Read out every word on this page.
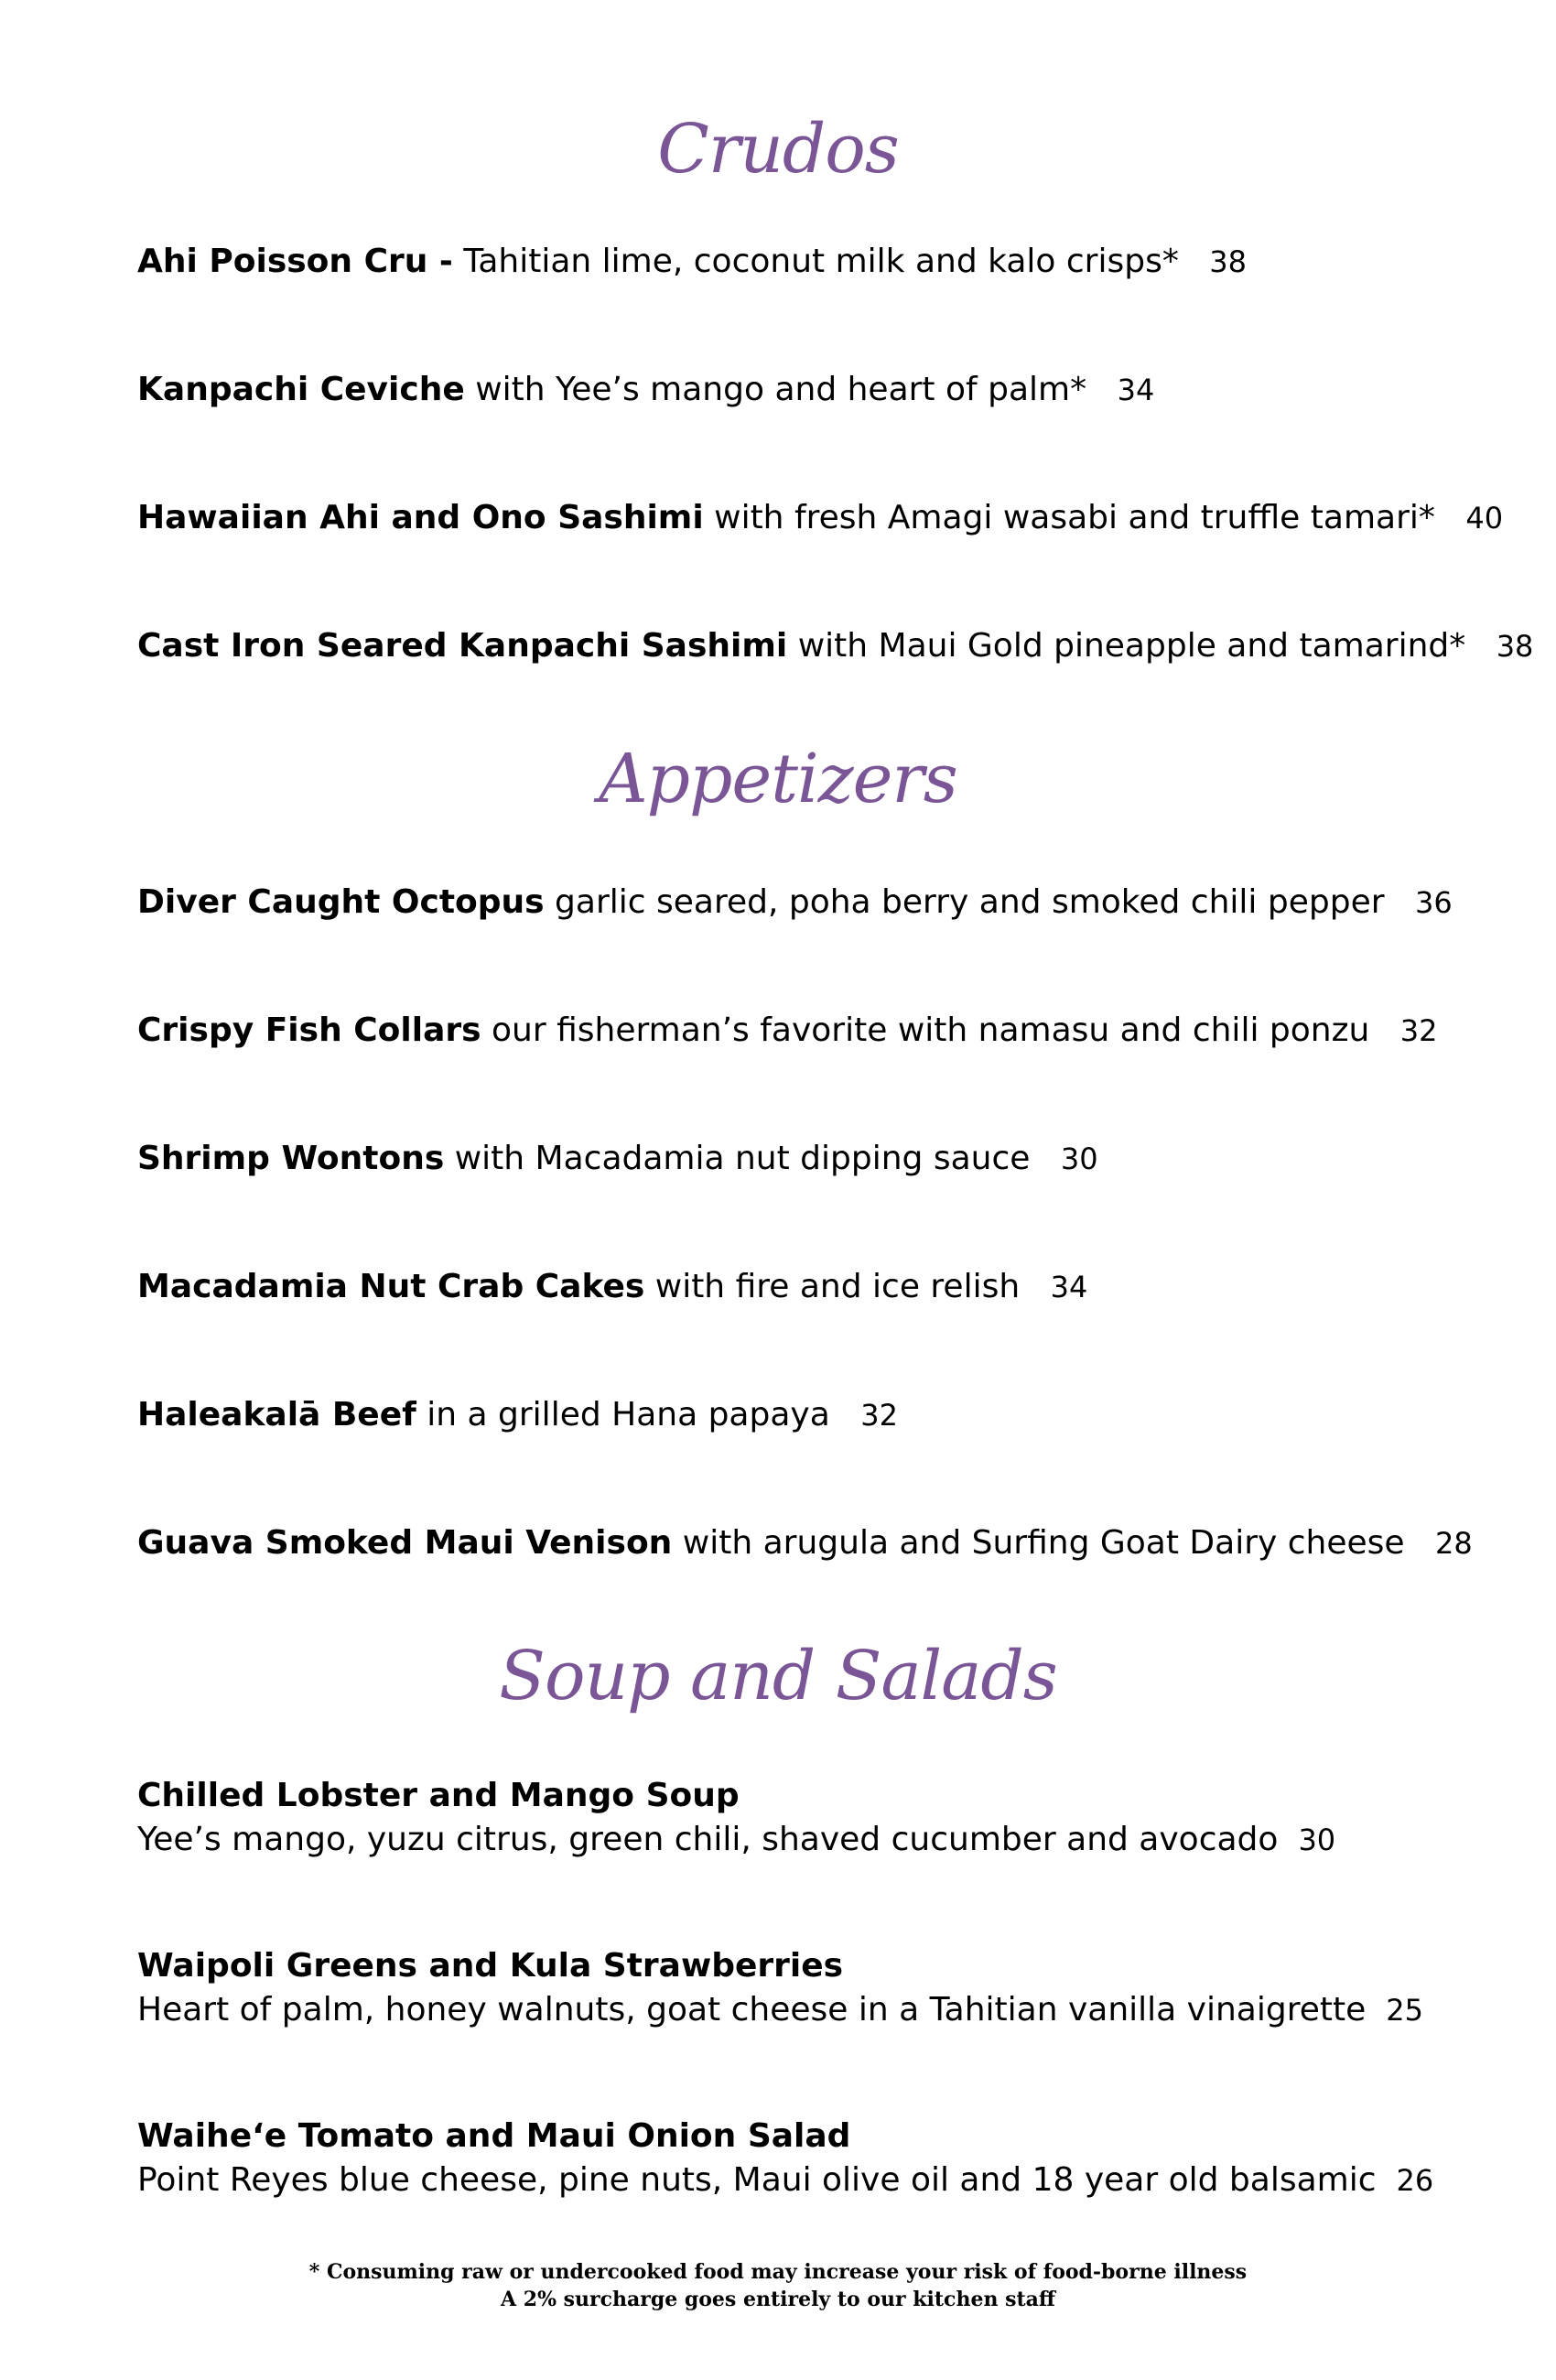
Crudos
Ahi Poisson Cru - Tahitian lime, coconut milk and kalo crisps* 38
Kanpachi Ceviche with Yee’s mango and heart of palm* 34
Hawaiian Ahi and Ono Sashimi with fresh Amagi wasabi and truffle tamari* 40
Cast Iron Seared Kanpachi Sashimi with Maui Gold pineapple and tamarind* 38
Appetizers
Diver Caught Octopus garlic seared, poha berry and smoked chili pepper 36
Crispy Fish Collars our fisherman’s favorite with namasu and chili ponzu 32
Shrimp Wontons with Macadamia nut dipping sauce 30
Macadamia Nut Crab Cakes with fire and ice relish 34
Haleakalā Beef in a grilled Hana papaya 32
Guava Smoked Maui Venison with arugula and Surfing Goat Dairy cheese 28
Soup and Salads
Chilled Lobster and Mango Soup
Yee’s mango, yuzu citrus, green chili, shaved cucumber and avocado 30
Waipoli Greens and Kula Strawberries
Heart of palm, honey walnuts, goat cheese in a Tahitian vanilla vinaigrette 25
Waihe‘e Tomato and Maui Onion Salad
Point Reyes blue cheese, pine nuts, Maui olive oil and 18 year old balsamic 26
* Consuming raw or undercooked food may increase your risk of food-borne illness
A 2% surcharge goes entirely to our kitchen staff
